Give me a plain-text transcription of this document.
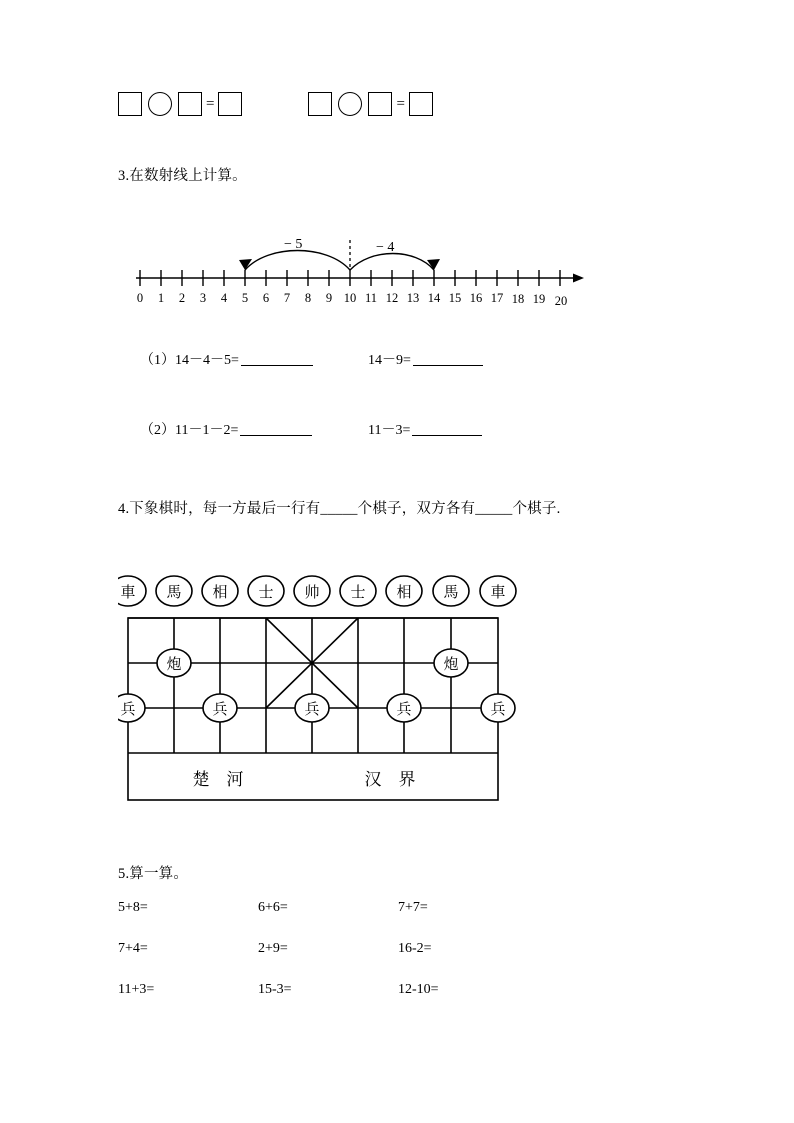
=	=
3.在数射线上计算。
− 5	− 4
0 1 2 3 4 5 6 7 8 9 10 11 12 13 14 15 16 17 18 19 20
（1）14－4－5=	14－9=
（2）11－1－2=	11－3=
4.下象棋时，每一方最后一行有_____个棋子，双方各有_____个棋子.
車 馬 相 士 帅 士 相 馬 車
炮	炮
兵	兵	兵	兵	兵
楚　河	汉　界
5.算一算。
5+8=	6+6=	7+7=
7+4=	2+9=	16-2=
11+3=	15-3=	12-10=
